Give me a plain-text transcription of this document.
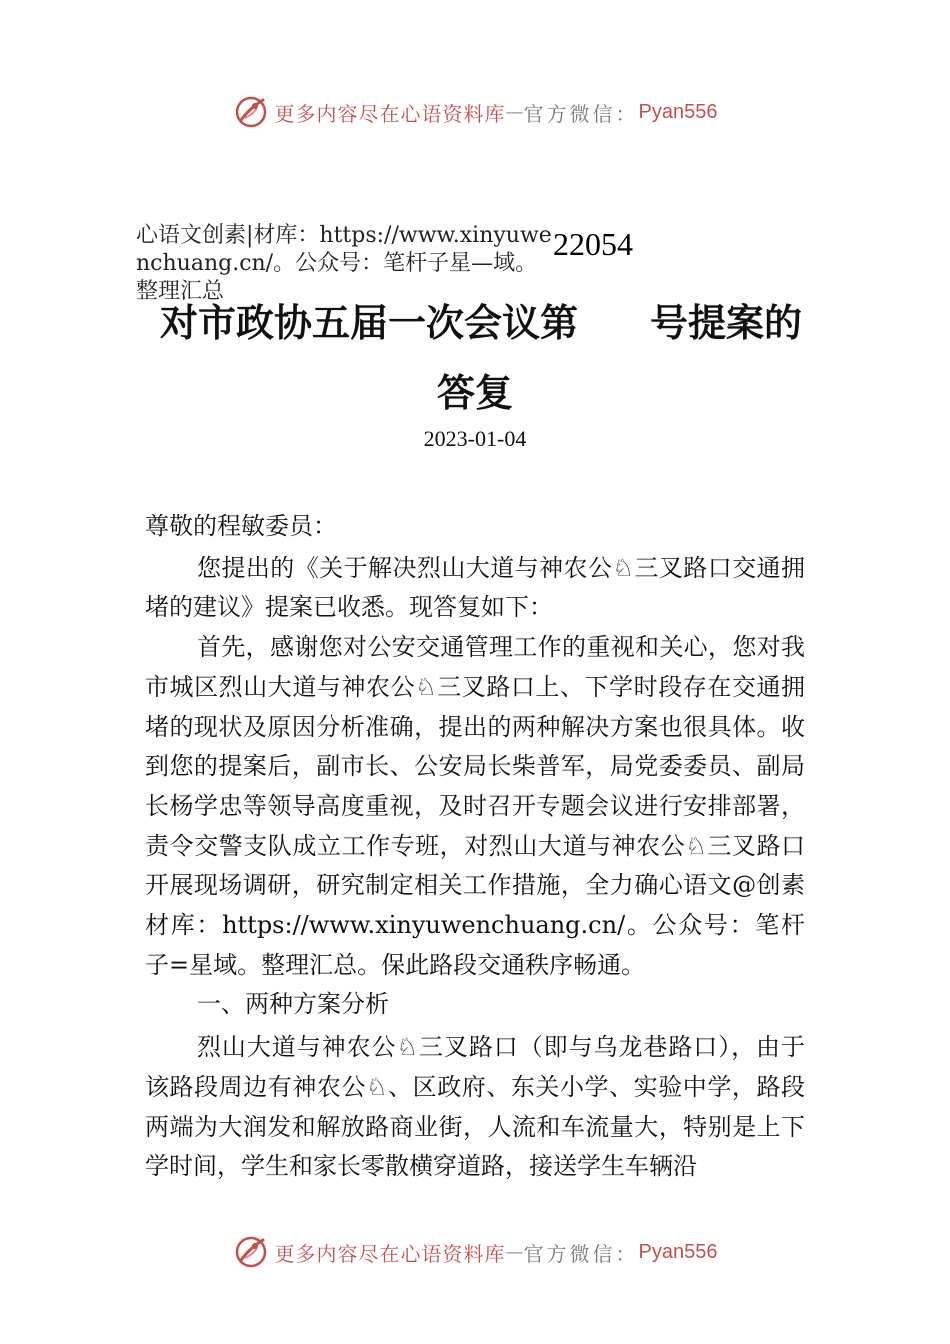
更多内容尽在心语资料库 — 官方微信： Pyan556
心语文创素|材库：https://www.xinyuwenchuang.cn/。公众号：笔杆子星—域。整理汇总
22054
对市政协五届一次会议第 号提案的
答复
2023-01-04

尊敬的程敏委员：

您提出的《关于解决烈山大道与神农公♘三叉路口交通拥堵的建议》提案已收悉。现答复如下：

首先，感谢您对公安交通管理工作的重视和关心，您对我市城区烈山大道与神农公♘三叉路口上、下学时段存在交通拥堵的现状及原因分析准确，提出的两种解决方案也很具体。收到您的提案后，副市长、公安局长柴普军，局党委委员、副局长杨学忠等领导高度重视，及时召开专题会议进行安排部署，责令交警支队成立工作专班，对烈山大道与神农公♘三叉路口开展现场调研，研究制定相关工作措施，全力确心语文@创素材库：https://www.xinyuwenchuang.cn/。公众号：笔杆子=星域。整理汇总。保此路段交通秩序畅通。

一、两种方案分析

烈山大道与神农公♘三叉路口（即与乌龙巷路口），由于该路段周边有神农公♘、区政府、东关小学、实验中学，路段两端为大润发和解放路商业街，人流和车流量大，特别是上下学时间，学生和家长零散横穿道路，接送学生车辆沿

更多内容尽在心语资料库 — 官方微信： Pyan556
